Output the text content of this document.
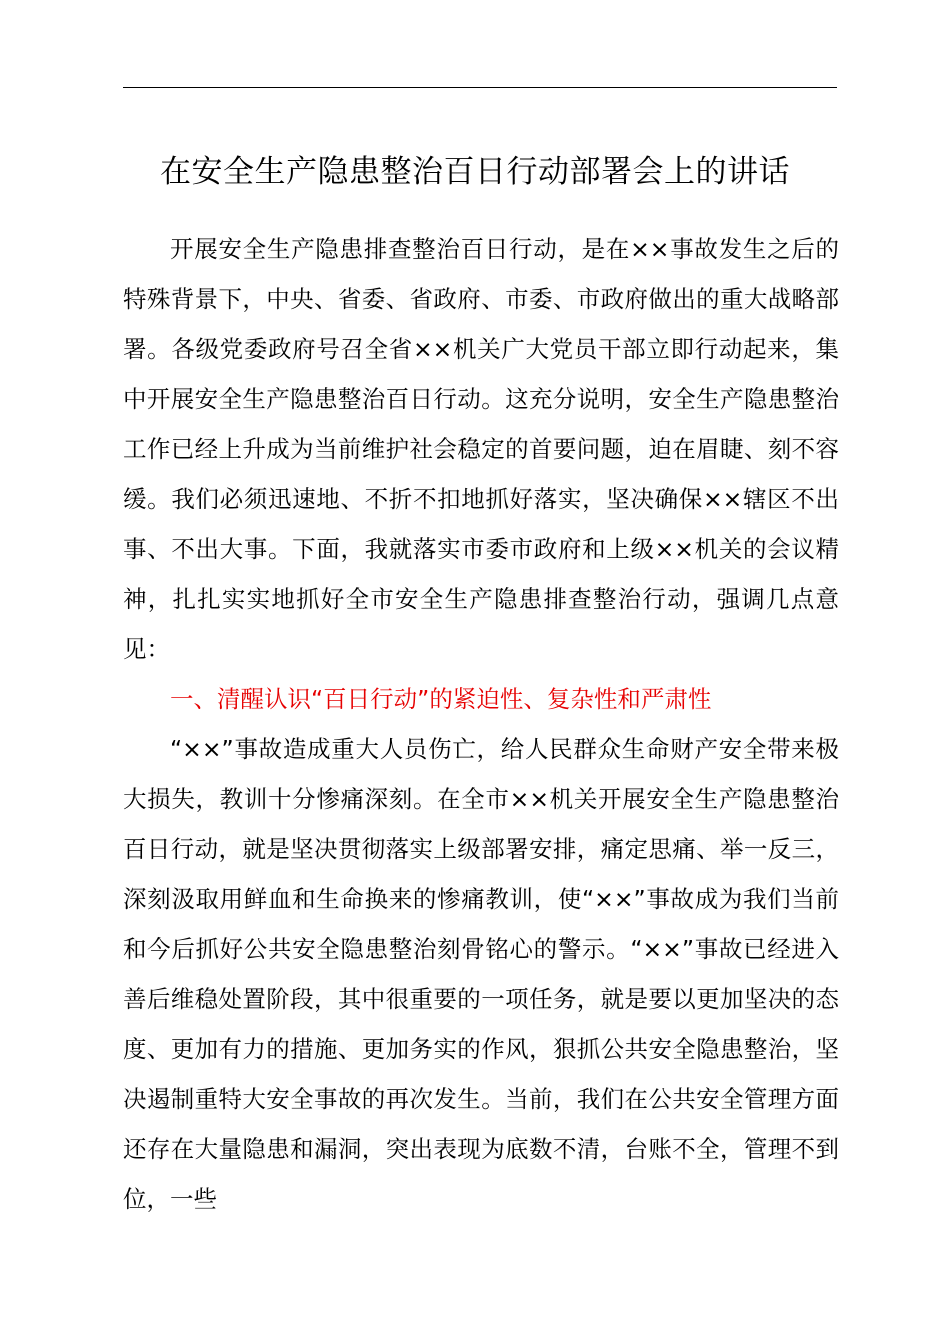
在安全生产隐患整治百日行动部署会上的讲话

开展安全生产隐患排查整治百日行动，是在××事故发生之后的特殊背景下，中央、省委、省政府、市委、市政府做出的重大战略部署。各级党委政府号召全省××机关广大党员干部立即行动起来，集中开展安全生产隐患整治百日行动。这充分说明，安全生产隐患整治工作已经上升成为当前维护社会稳定的首要问题，迫在眉睫、刻不容缓。我们必须迅速地、不折不扣地抓好落实，坚决确保××辖区不出事、不出大事。下面，我就落实市委市政府和上级××机关的会议精神，扎扎实实地抓好全市安全生产隐患排查整治行动，强调几点意见：

一、清醒认识“百日行动”的紧迫性、复杂性和严肃性

“××”事故造成重大人员伤亡，给人民群众生命财产安全带来极大损失，教训十分惨痛深刻。在全市××机关开展安全生产隐患整治百日行动，就是坚决贯彻落实上级部署安排，痛定思痛、举一反三，深刻汲取用鲜血和生命换来的惨痛教训，使“××”事故成为我们当前和今后抓好公共安全隐患整治刻骨铭心的警示。“××”事故已经进入善后维稳处置阶段，其中很重要的一项任务，就是要以更加坚决的态度、更加有力的措施、更加务实的作风，狠抓公共安全隐患整治，坚决遏制重特大安全事故的再次发生。当前，我们在公共安全管理方面还存在大量隐患和漏洞，突出表现为底数不清，台账不全，管理不到位，一些
